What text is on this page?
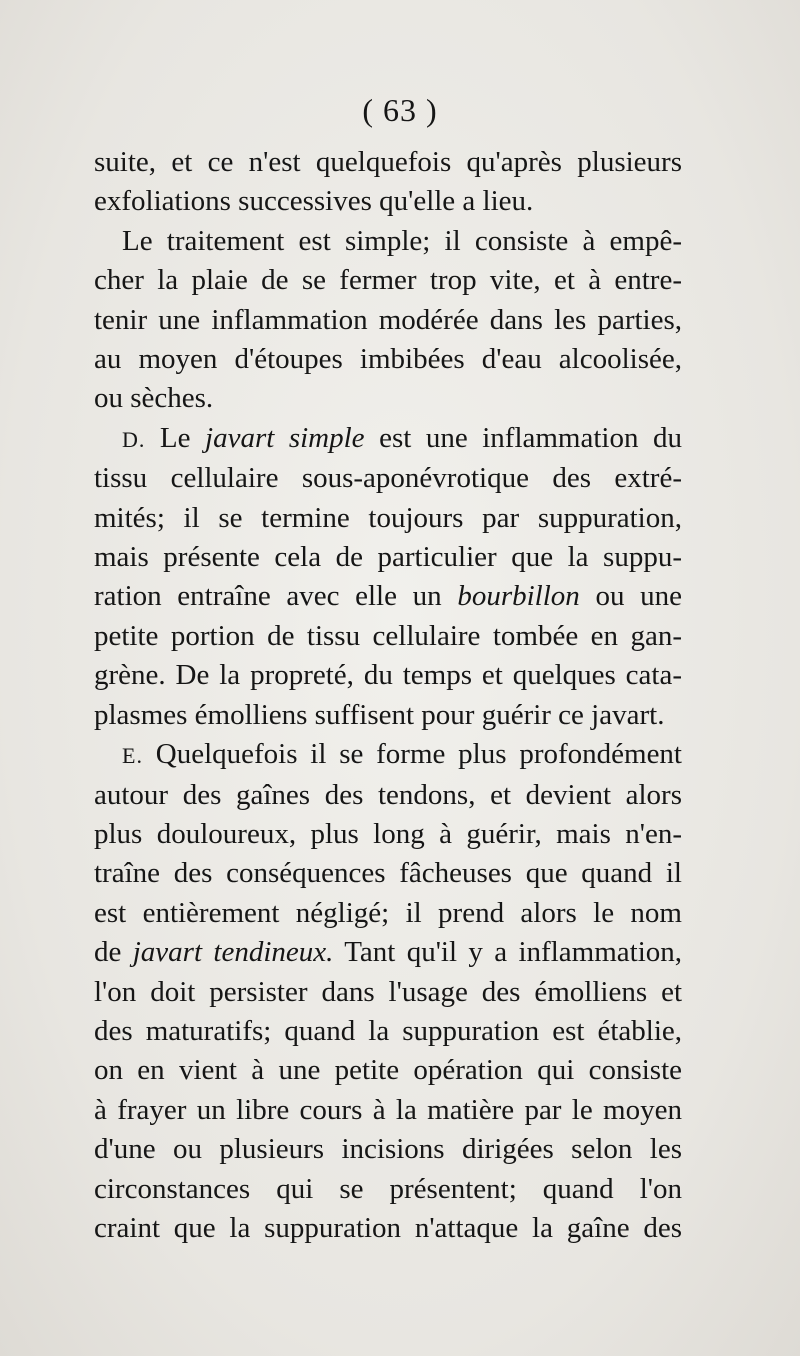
( 63 )
suite, et ce n'est quelquefois qu'après plusieurs
exfoliations successives qu'elle a lieu.
Le traitement est simple; il consiste à empê-
cher la plaie de se fermer trop vite, et à entre-
tenir une inflammation modérée dans les parties,
au moyen d'étoupes imbibées d'eau alcoolisée,
ou sèches.
D. Le javart simple est une inflammation du
tissu cellulaire sous-aponévrotique des extré-
mités; il se termine toujours par suppuration,
mais présente cela de particulier que la suppu-
ration entraîne avec elle un bourbillon ou une
petite portion de tissu cellulaire tombée en gan-
grène. De la propreté, du temps et quelques cata-
plasmes émolliens suffisent pour guérir ce javart.
E. Quelquefois il se forme plus profondément
autour des gaînes des tendons, et devient alors
plus douloureux, plus long à guérir, mais n'en-
traîne des conséquences fâcheuses que quand il
est entièrement négligé; il prend alors le nom
de javart tendineux. Tant qu'il y a inflammation,
l'on doit persister dans l'usage des émolliens et
des maturatifs; quand la suppuration est établie,
on en vient à une petite opération qui consiste
à frayer un libre cours à la matière par le moyen
d'une ou plusieurs incisions dirigées selon les
circonstances qui se présentent; quand l'on
craint que la suppuration n'attaque la gaîne des
